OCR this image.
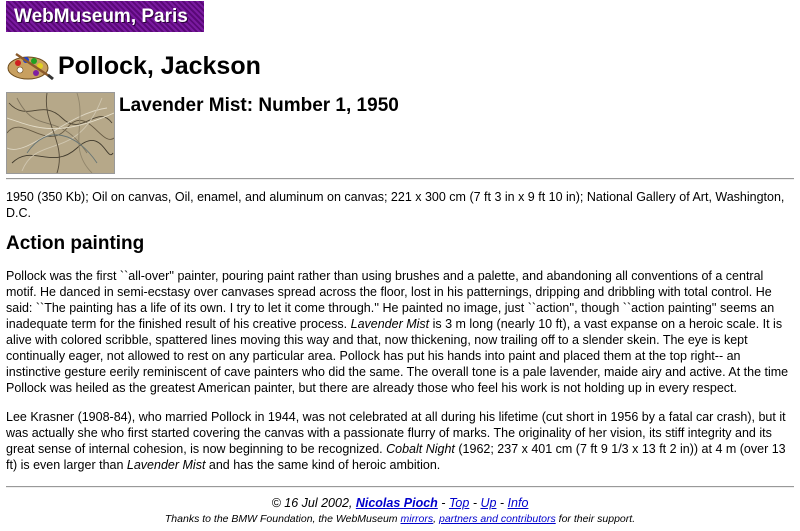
WebMuseum, Paris
Pollock, Jackson
Lavender Mist: Number 1, 1950
1950 (350 Kb); Oil on canvas, Oil, enamel, and aluminum on canvas; 221 x 300 cm (7 ft 3 in x 9 ft 10 in); National Gallery of Art, Washington, D.C.
Action painting

Pollock was the first ``all-over'' painter, pouring paint rather than using brushes and a palette, and abandoning all conventions of a central motif. He danced in semi-ecstasy over canvases spread across the floor, lost in his patternings, dripping and dribbling with total control. He said: ``The painting has a life of its own. I try to let it come through.'' He painted no image, just ``action'', though ``action painting'' seems an inadequate term for the finished result of his creative process. Lavender Mist is 3 m long (nearly 10 ft), a vast expanse on a heroic scale. It is alive with colored scribble, spattered lines moving this way and that, now thickening, now trailing off to a slender skein. The eye is kept continually eager, not allowed to rest on any particular area. Pollock has put his hands into paint and placed them at the top right-- an instinctive gesture eerily reminiscent of cave painters who did the same. The overall tone is a pale lavender, maide airy and active. At the time Pollock was heiled as the greatest American painter, but there are already those who feel his work is not holding up in every respect.

Lee Krasner (1908-84), who married Pollock in 1944, was not celebrated at all during his lifetime (cut short in 1956 by a fatal car crash), but it was actually she who first started covering the canvas with a passionate flurry of marks. The originality of her vision, its stiff integrity and its great sense of internal cohesion, is now beginning to be recognized. Cobalt Night (1962; 237 x 401 cm (7 ft 9 1/3 x 13 ft 2 in)) at 4 m (over 13 ft) is even larger than Lavender Mist and has the same kind of heroic ambition.

© 16 Jul 2002, Nicolas Pioch - Top - Up - Info
Thanks to the BMW Foundation, the WebMuseum mirrors, partners and contributors for their support.
